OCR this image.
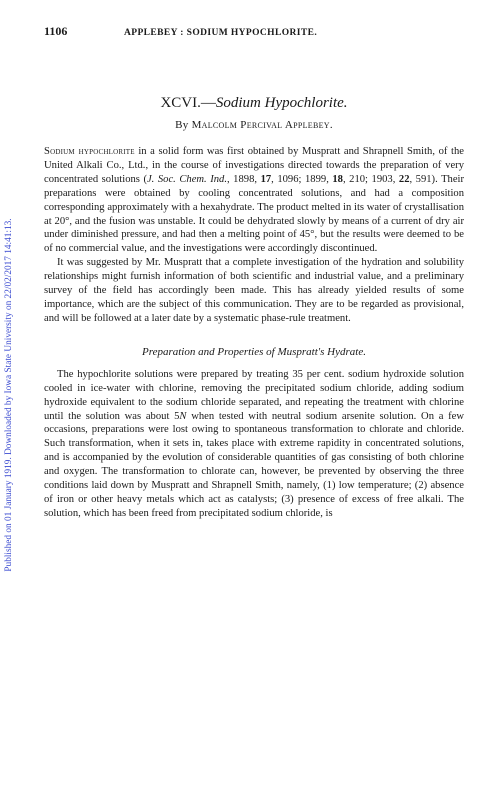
Published on 01 January 1919. Downloaded by Iowa State University on 22/02/2017 14:41:13.
1106	APPLEBEY : SODIUM HYPOCHLORITE.
XCVI.—Sodium Hypochlorite.
By Malcolm Percival Applebey.

Sodium hypochlorite in a solid form was first obtained by Muspratt and Shrapnell Smith, of the United Alkali Co., Ltd., in the course of investigations directed towards the preparation of very concentrated solutions (J. Soc. Chem. Ind., 1898, 17, 1096; 1899, 18, 210; 1903, 22, 591). Their preparations were obtained by cooling concentrated solutions, and had a composition corresponding approximately with a hexahydrate. The product melted in its water of crystallisation at 20°, and the fusion was unstable. It could be dehydrated slowly by means of a current of dry air under diminished pressure, and had then a melting point of 45°, but the results were deemed to be of no commercial value, and the investigations were accordingly discontinued.

It was suggested by Mr. Muspratt that a complete investigation of the hydration and solubility relationships might furnish information of both scientific and industrial value, and a preliminary survey of the field has accordingly been made. This has already yielded results of some importance, which are the subject of this communication. They are to be regarded as provisional, and will be followed at a later date by a systematic phase-rule treatment.

Preparation and Properties of Muspratt's Hydrate.

The hypochlorite solutions were prepared by treating 35 per cent. sodium hydroxide solution cooled in ice-water with chlorine, removing the precipitated sodium chloride, adding sodium hydroxide equivalent to the sodium chloride separated, and repeating the treatment with chlorine until the solution was about 5N when tested with neutral sodium arsenite solution. On a few occasions, preparations were lost owing to spontaneous transformation to chlorate and chloride. Such transformation, when it sets in, takes place with extreme rapidity in concentrated solutions, and is accompanied by the evolution of considerable quantities of gas consisting of both chlorine and oxygen. The transformation to chlorate can, however, be prevented by observing the three conditions laid down by Muspratt and Shrapnell Smith, namely, (1) low temperature; (2) absence of iron or other heavy metals which act as catalysts; (3) presence of excess of free alkali. The solution, which has been freed from precipitated sodium chloride, is
